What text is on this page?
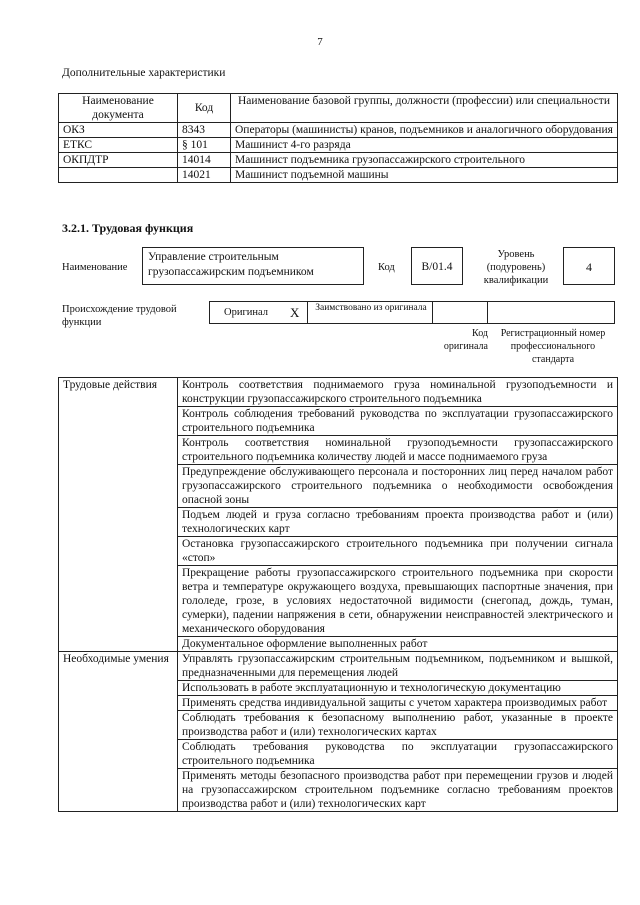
7
Дополнительные характеристики
Наименование документа	Код	Наименование базовой группы, должности (профессии) или специальности
ОКЗ	8343	Операторы (машинисты) кранов, подъемников и аналогичного оборудования
ЕТКС	§ 101	Машинист 4-го разряда
ОКПДТР	14014	Машинист подъемника грузопассажирского строительного
	14021	Машинист подъемной машины
3.2.1. Трудовая функция
Наименование
Управление строительным грузопассажирским подъемником	Код	В/01.4
Уровень (подуровень) квалификации
4
Происхождение трудовой функции
Оригинал X	Заимствовано из оригинала
Код оригинала
Регистрационный номер профессионального стандарта
Трудовые действия	Контроль соответствия поднимаемого груза номинальной грузоподъемности и конструкции грузопассажирского строительного подъемника
	Контроль соблюдения требований руководства по эксплуатации грузопассажирского строительного подъемника
	Контроль соответствия номинальной грузоподъемности грузопассажирского строительного подъемника количеству людей и массе поднимаемого груза
	Предупреждение обслуживающего персонала и посторонних лиц перед началом работ грузопассажирского строительного подъемника о необходимости освобождения опасной зоны
	Подъем людей и груза согласно требованиям проекта производства работ и (или) технологических карт
	Остановка грузопассажирского строительного подъемника при получении сигнала «стоп»
	Прекращение работы грузопассажирского строительного подъемника при скорости ветра и температуре окружающего воздуха, превышающих паспортные значения, при гололеде, грозе, в условиях недостаточной видимости (снегопад, дождь, туман, сумерки), падении напряжения в сети, обнаружении неисправностей электрического и механического оборудования
	Документальное оформление выполненных работ
Необходимые умения	Управлять грузопассажирским строительным подъемником, подъемником и вышкой, предназначенными для перемещения людей
	Использовать в работе эксплуатационную и технологическую документацию
	Применять средства индивидуальной защиты с учетом характера производимых работ
	Соблюдать требования к безопасному выполнению работ, указанные в проекте производства работ и (или) технологических картах
	Соблюдать требования руководства по эксплуатации грузопассажирского строительного подъемника
	Применять методы безопасного производства работ при перемещении грузов и людей на грузопассажирском строительном подъемнике согласно требованиям проектов производства работ и (или) технологических карт
